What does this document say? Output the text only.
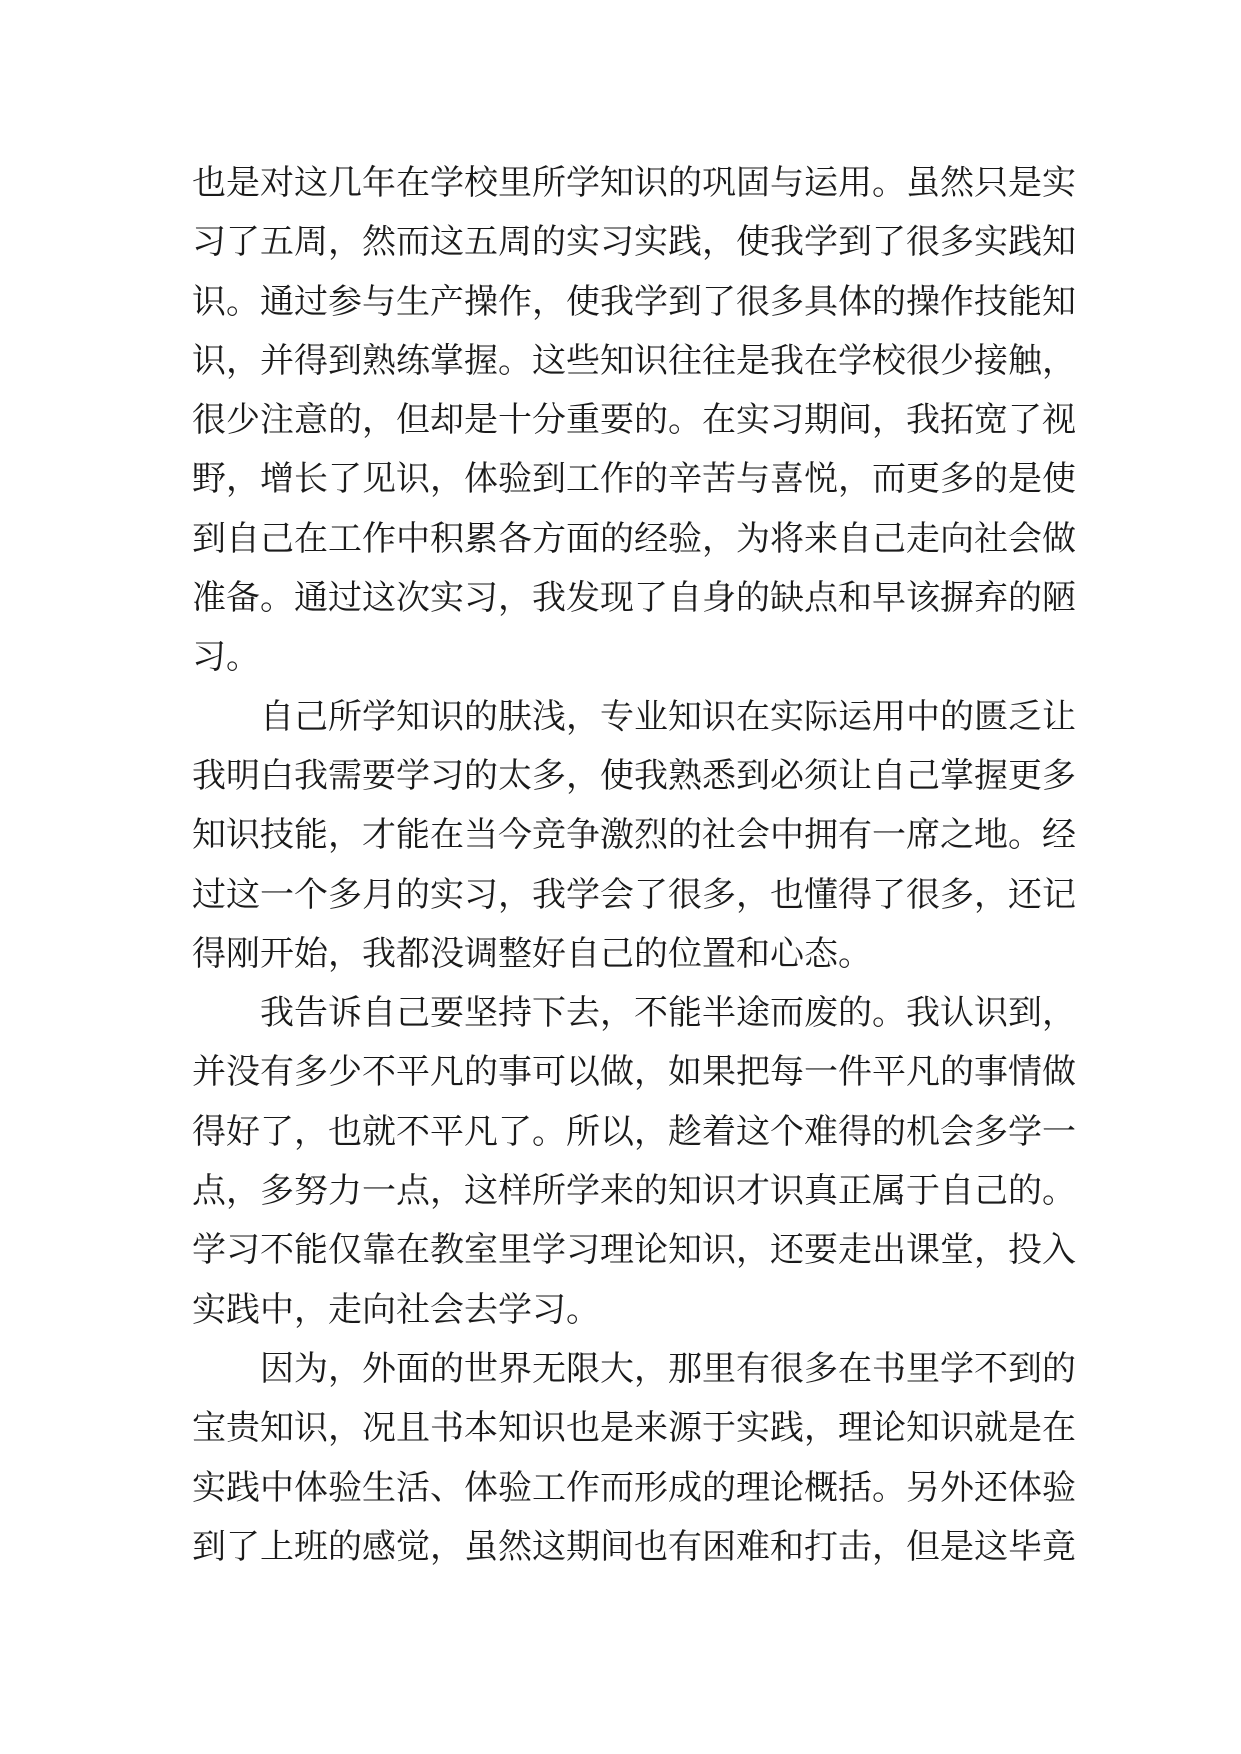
也是对这几年在学校里所学知识的巩固与运用。虽然只是实
习了五周，然而这五周的实习实践，使我学到了很多实践知
识。通过参与生产操作，使我学到了很多具体的操作技能知
识，并得到熟练掌握。这些知识往往是我在学校很少接触，
很少注意的，但却是十分重要的。在实习期间，我拓宽了视
野，增长了见识，体验到工作的辛苦与喜悦，而更多的是使
到自己在工作中积累各方面的经验，为将来自己走向社会做
准备。通过这次实习，我发现了自身的缺点和早该摒弃的陋
习。
自己所学知识的肤浅，专业知识在实际运用中的匮乏让
我明白我需要学习的太多，使我熟悉到必须让自己掌握更多
知识技能，才能在当今竞争激烈的社会中拥有一席之地。经
过这一个多月的实习，我学会了很多，也懂得了很多，还记
得刚开始，我都没调整好自己的位置和心态。
我告诉自己要坚持下去，不能半途而废的。我认识到，
并没有多少不平凡的事可以做，如果把每一件平凡的事情做
得好了，也就不平凡了。所以，趁着这个难得的机会多学一
点，多努力一点，这样所学来的知识才识真正属于自己的。
学习不能仅靠在教室里学习理论知识，还要走出课堂，投入
实践中，走向社会去学习。
因为，外面的世界无限大，那里有很多在书里学不到的
宝贵知识，况且书本知识也是来源于实践，理论知识就是在
实践中体验生活、体验工作而形成的理论概括。另外还体验
到了上班的感觉，虽然这期间也有困难和打击，但是这毕竟
